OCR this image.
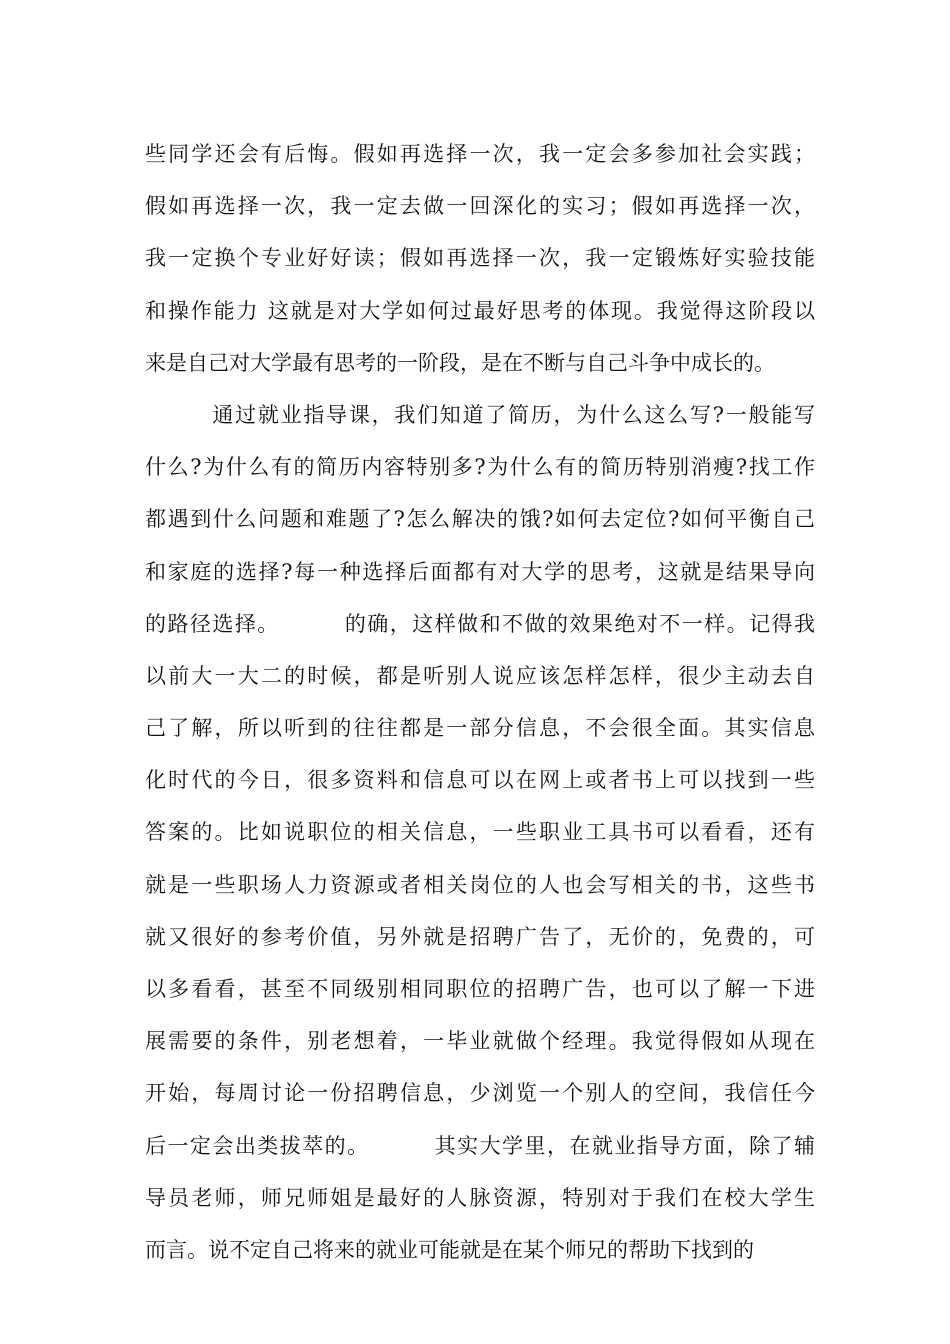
些同学还会有后悔。假如再选择一次，我一定会多参加社会实践；
假如再选择一次，我一定去做一回深化的实习；假如再选择一次，
我一定换个专业好好读；假如再选择一次，我一定锻炼好实验技能
和操作能力 这就是对大学如何过最好思考的体现。我觉得这阶段以
来是自己对大学最有思考的一阶段，是在不断与自己斗争中成长的。
通过就业指导课，我们知道了简历，为什么这么写?一般能写
什么?为什么有的简历内容特别多?为什么有的简历特别消瘦?找工作
都遇到什么问题和难题了?怎么解决的饿?如何去定位?如何平衡自己
和家庭的选择?每一种选择后面都有对大学的思考，这就是结果导向
的路径选择。        的确，这样做和不做的效果绝对不一样。记得我
以前大一大二的时候，都是听别人说应该怎样怎样，很少主动去自
己了解，所以听到的往往都是一部分信息，不会很全面。其实信息
化时代的今日，很多资料和信息可以在网上或者书上可以找到一些
答案的。比如说职位的相关信息，一些职业工具书可以看看，还有
就是一些职场人力资源或者相关岗位的人也会写相关的书，这些书
就又很好的参考价值，另外就是招聘广告了，无价的，免费的，可
以多看看，甚至不同级别相同职位的招聘广告，也可以了解一下进
展需要的条件，别老想着，一毕业就做个经理。我觉得假如从现在
开始，每周讨论一份招聘信息，少浏览一个别人的空间，我信任今
后一定会出类拔萃的。        其实大学里，在就业指导方面，除了辅
导员老师，师兄师姐是最好的人脉资源，特别对于我们在校大学生
而言。说不定自己将来的就业可能就是在某个师兄的帮助下找到的
